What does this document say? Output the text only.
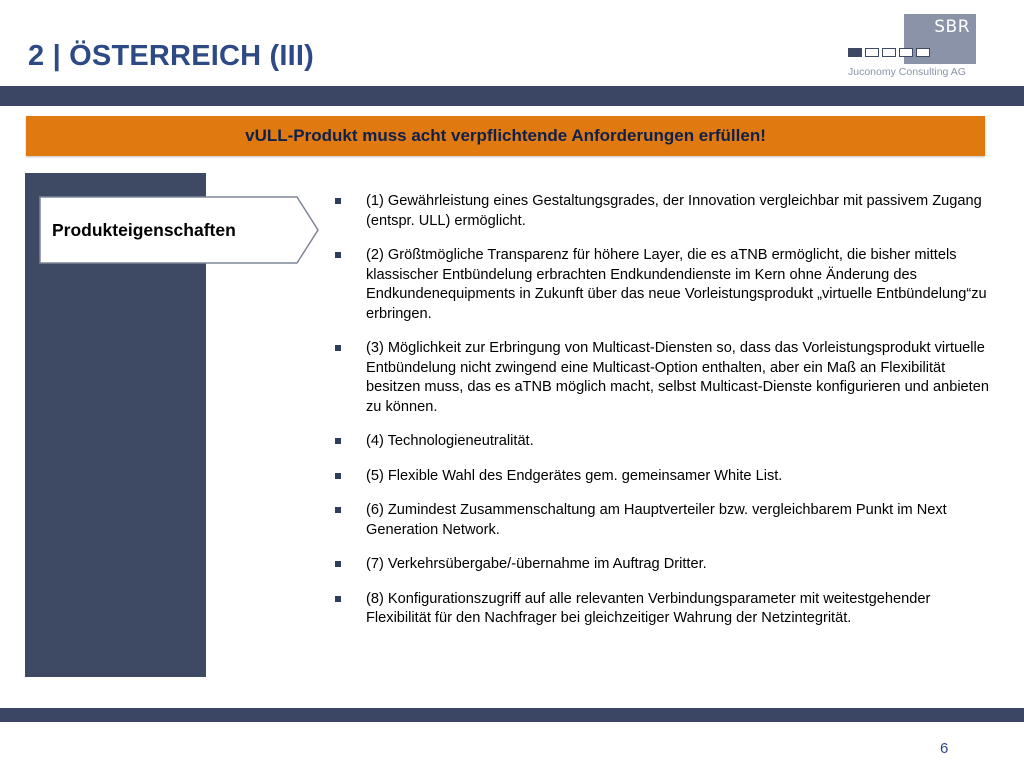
2 | ÖSTERREICH (III)
SBR
Juconomy Consulting AG
vULL-Produkt muss acht verpflichtende Anforderungen erfüllen!
Produkteigenschaften
(1) Gewährleistung eines Gestaltungsgrades, der Innovation vergleichbar mit passivem Zugang (entspr. ULL) ermöglicht.
(2) Größtmögliche Transparenz für höhere Layer, die es aTNB ermöglicht, die bisher mittels klassischer Entbündelung erbrachten Endkundendienste im Kern ohne Änderung des Endkundenequipments in Zukunft über das neue Vorleistungsprodukt „virtuelle Entbündelung“zu erbringen.
(3) Möglichkeit zur Erbringung von Multicast-Diensten so, dass das Vorleistungsprodukt virtuelle Entbündelung nicht zwingend eine Multicast-Option enthalten, aber ein Maß an Flexibilität besitzen muss, das es aTNB möglich macht, selbst Multicast-Dienste konfigurieren und anbieten zu können.
(4) Technologieneutralität.
(5) Flexible Wahl des Endgerätes gem. gemeinsamer White List.
(6) Zumindest Zusammenschaltung am Hauptverteiler bzw. vergleichbarem Punkt im Next Generation Network.
(7) Verkehrsübergabe/-übernahme im Auftrag Dritter.
(8) Konfigurationszugriff auf alle relevanten Verbindungsparameter mit weitestgehender Flexibilität für den Nachfrager bei gleichzeitiger Wahrung der Netzintegrität.
6
